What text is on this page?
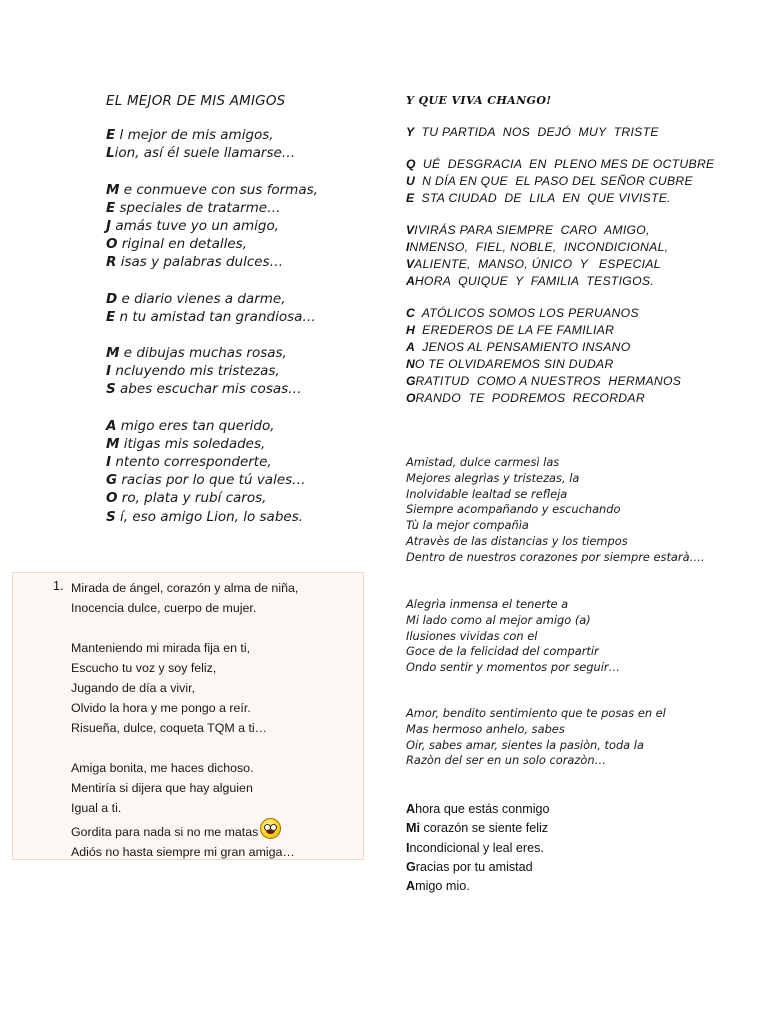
EL MEJOR DE MIS AMIGOS
E l mejor de mis amigos,
Lion, así él suele llamarse…
M e conmueve con sus formas,
E speciales de tratarme…
J amás tuve yo un amigo,
O riginal en detalles,
R isas y palabras dulces…
D e diario vienes a darme,
E n tu amistad tan grandiosa…
M e dibujas muchas rosas,
I ncluyendo mis tristezas,
S abes escuchar mis cosas…
A migo eres tan querido,
M itigas mis soledades,
I ntento corresponderte,
G racias por lo que tú vales…
O ro, plata y rubí caros,
S í, eso amigo Lion, lo sabes.
Y QUE VIVA CHANGO!
Y  TU PARTIDA  NOS  DEJÓ  MUY  TRISTE
Q  UÉ  DESGRACIA  EN  PLENO MES DE OCTUBRE
U  N DÍA EN QUE  EL PASO DEL SEÑOR CUBRE
E  STA CIUDAD  DE  LILA  EN  QUE VIVISTE.
VIVIRÁS PARA SIEMPRE  CARO  AMIGO,
INMENSO,  FIEL, NOBLE,  INCONDICIONAL,
VALIENTE,  MANSO, ÚNICO  Y   ESPECIAL
AHORA  QUIQUE  Y  FAMILIA  TESTIGOS.
C  ATÓLICOS SOMOS LOS PERUANOS
H  EREDEROS DE LA FE FAMILIAR
A  JENOS AL PENSAMIENTO INSANO
NO TE OLVIDAREMOS SIN DUDAR
GRATITUD  COMO A NUESTROS  HERMANOS
ORANDO  TE  PODREMOS  RECORDAR
Amistad, dulce carmesì las
Mejores alegrìas y tristezas, la
Inolvidable lealtad se refleja
Siempre acompañando y escuchando
Tù la mejor compañìa
Atravès de las distancias y los tiempos
Dentro de nuestros corazones por siempre estarà….
Alegrìa inmensa el tenerte a
Mi lado como al mejor amigo (a)
Ilusiones vividas con el
Goce de la felicidad del compartir
Ondo sentir y momentos por seguir…
Amor, bendito sentimiento que te posas en el
Mas hermoso anhelo, sabes
Oir, sabes amar, sientes la pasiòn, toda la
Razòn del ser en un solo corazòn…
Ahora que estás conmigo
Mi corazón se siente feliz
Incondicional y leal eres.
Gracias por tu amistad
Amigo mio.
1. Mirada de ángel, corazón y alma de niña,
Inocencia dulce, cuerpo de mujer.
Manteniendo mi mirada fija en ti,
Escucho tu voz y soy feliz,
Jugando de día a vivir,
Olvido la hora y me pongo a reír.
Risueña, dulce, coqueta TQM a ti…
Amiga bonita, me haces dichoso.
Mentiría si dijera que hay alguien
Igual a ti.
Gordita para nada si no me matas
Adiós no hasta siempre mi gran amiga…
